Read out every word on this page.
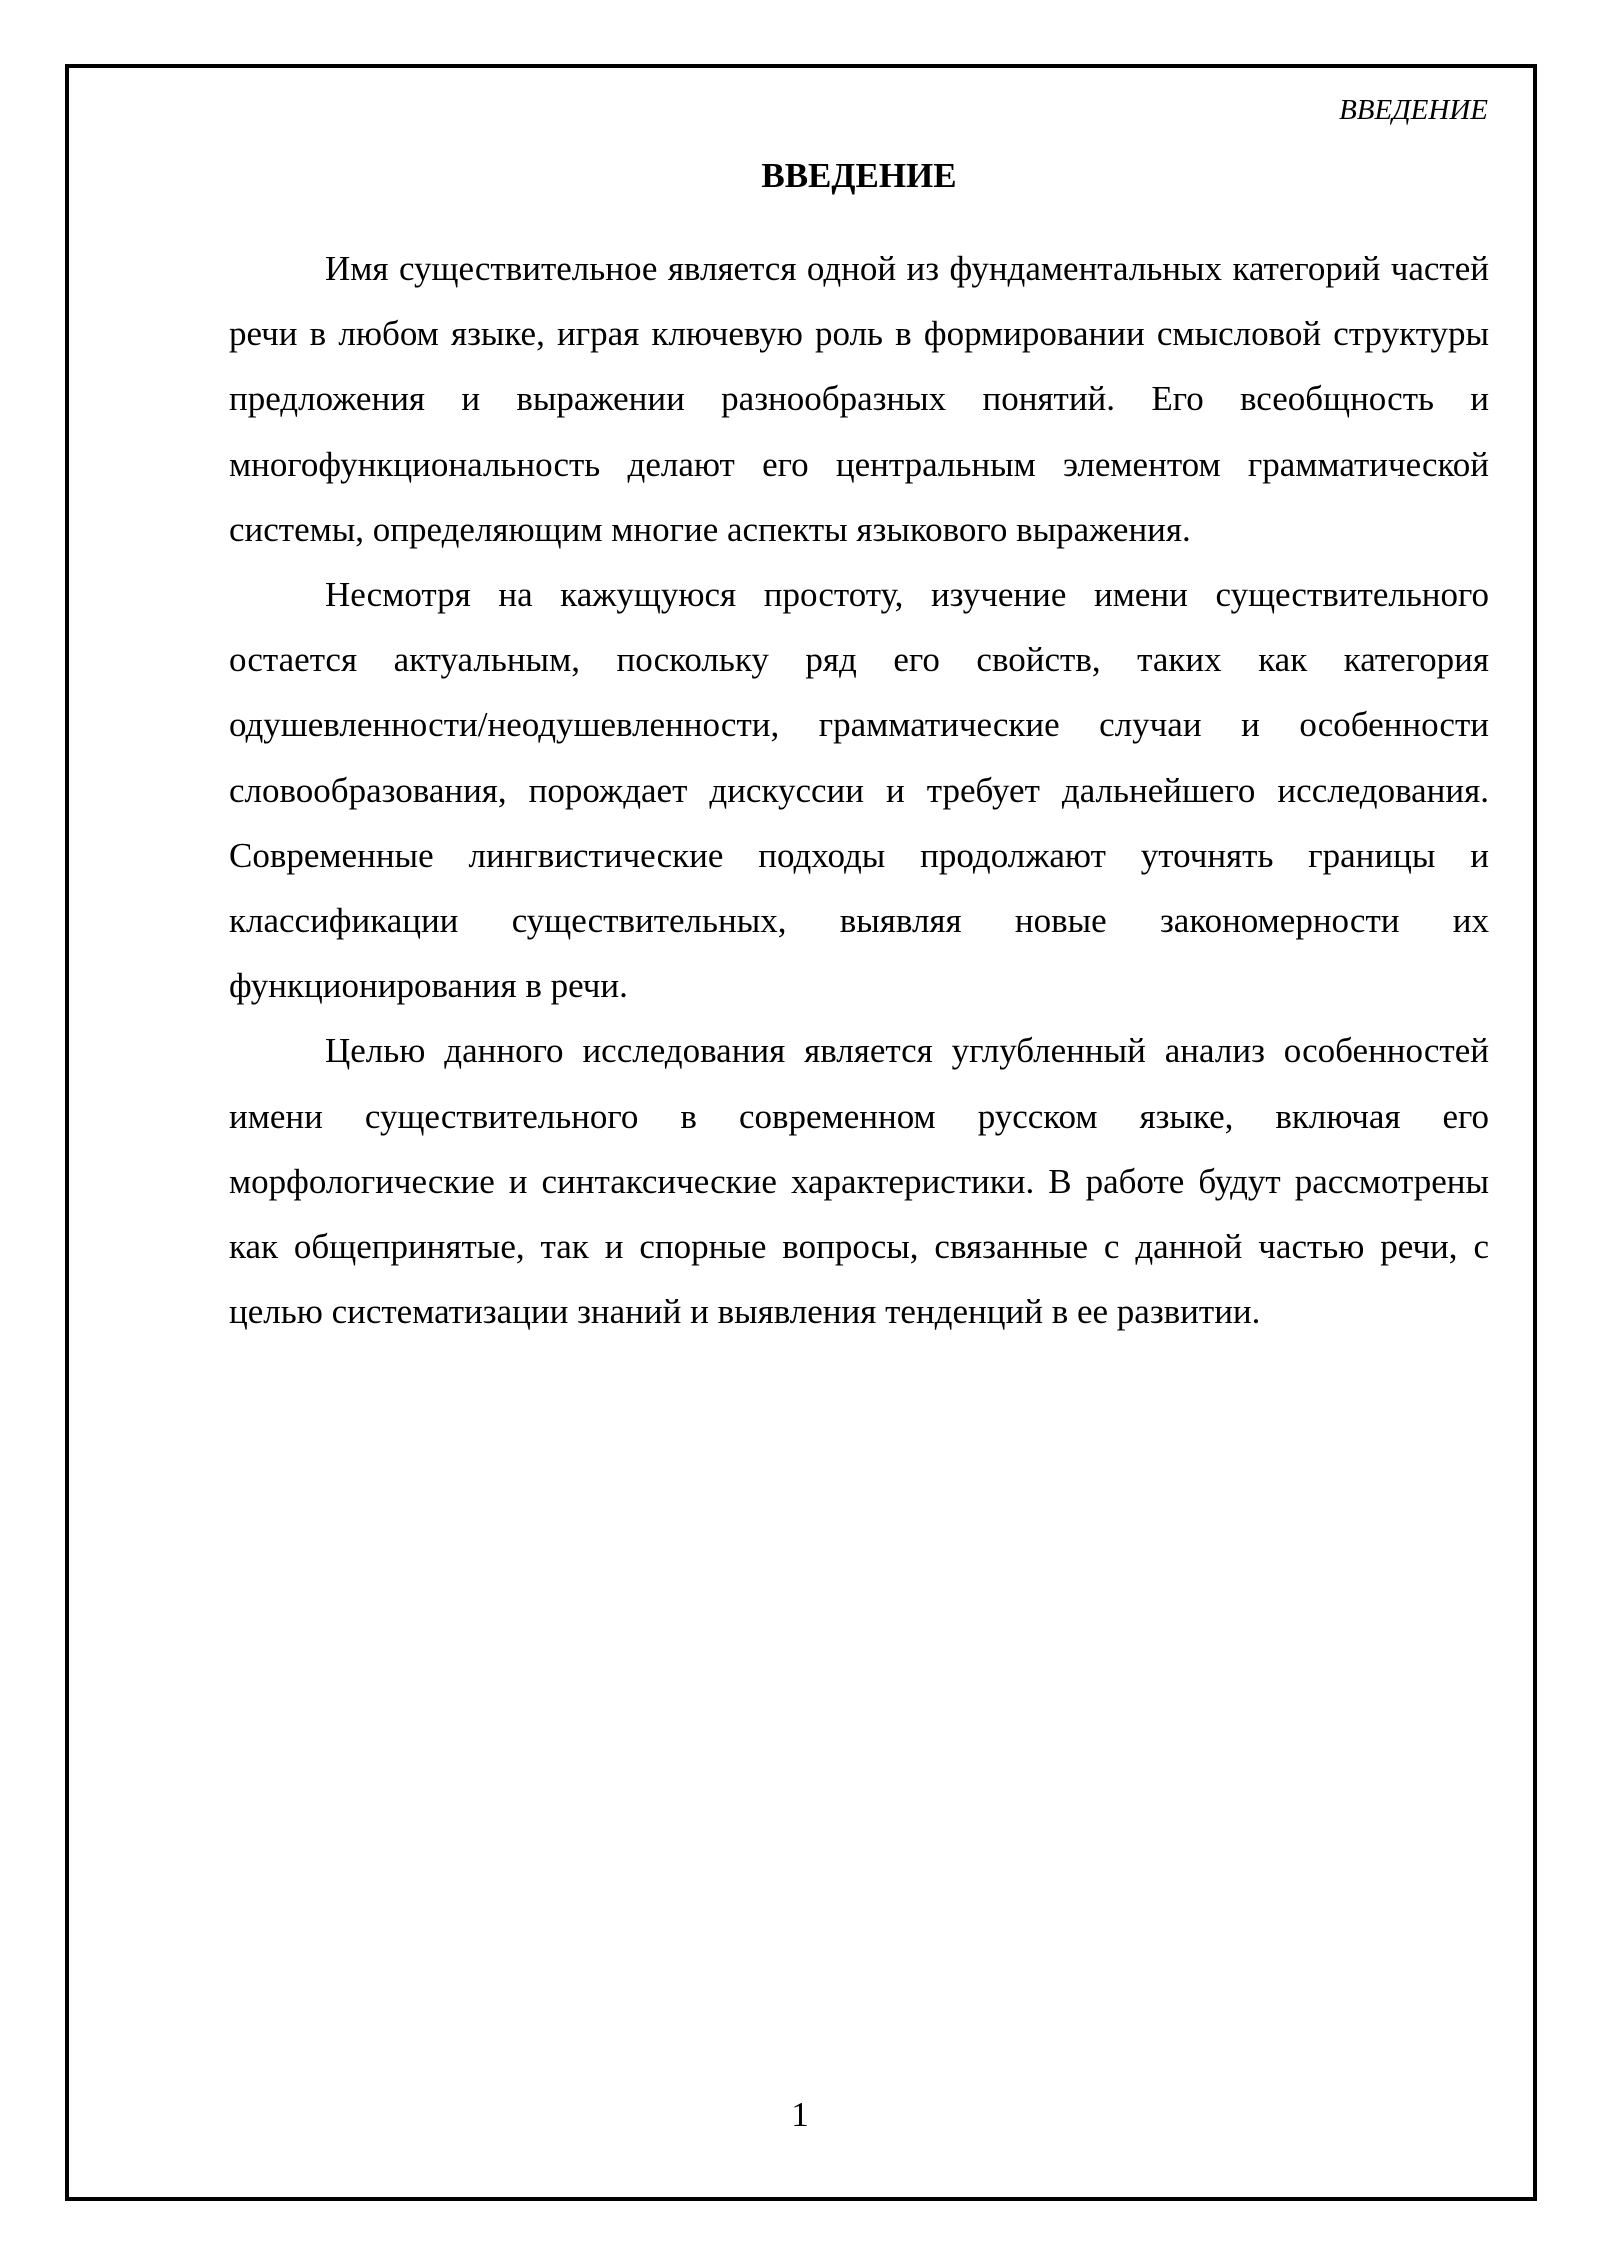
ВВЕДЕНИЕ

ВВЕДЕНИЕ

Имя существительное является одной из фундаментальных категорий частей речи в любом языке, играя ключевую роль в формировании смысловой структуры предложения и выражении разнообразных понятий. Его всеобщность и многофункциональность делают его центральным элементом грамматической системы, определяющим многие аспекты языкового выражения.

Несмотря на кажущуюся простоту, изучение имени существительного остается актуальным, поскольку ряд его свойств, таких как категория одушевленности/неодушевленности, грамматические случаи и особенности словообразования, порождает дискуссии и требует дальнейшего исследования. Современные лингвистические подходы продолжают уточнять границы и классификации существительных, выявляя новые закономерности их функционирования в речи.

Целью данного исследования является углубленный анализ особенностей имени существительного в современном русском языке, включая его морфологические и синтаксические характеристики. В работе будут рассмотрены как общепринятые, так и спорные вопросы, связанные с данной частью речи, с целью систематизации знаний и выявления тенденций в ее развитии.

1
